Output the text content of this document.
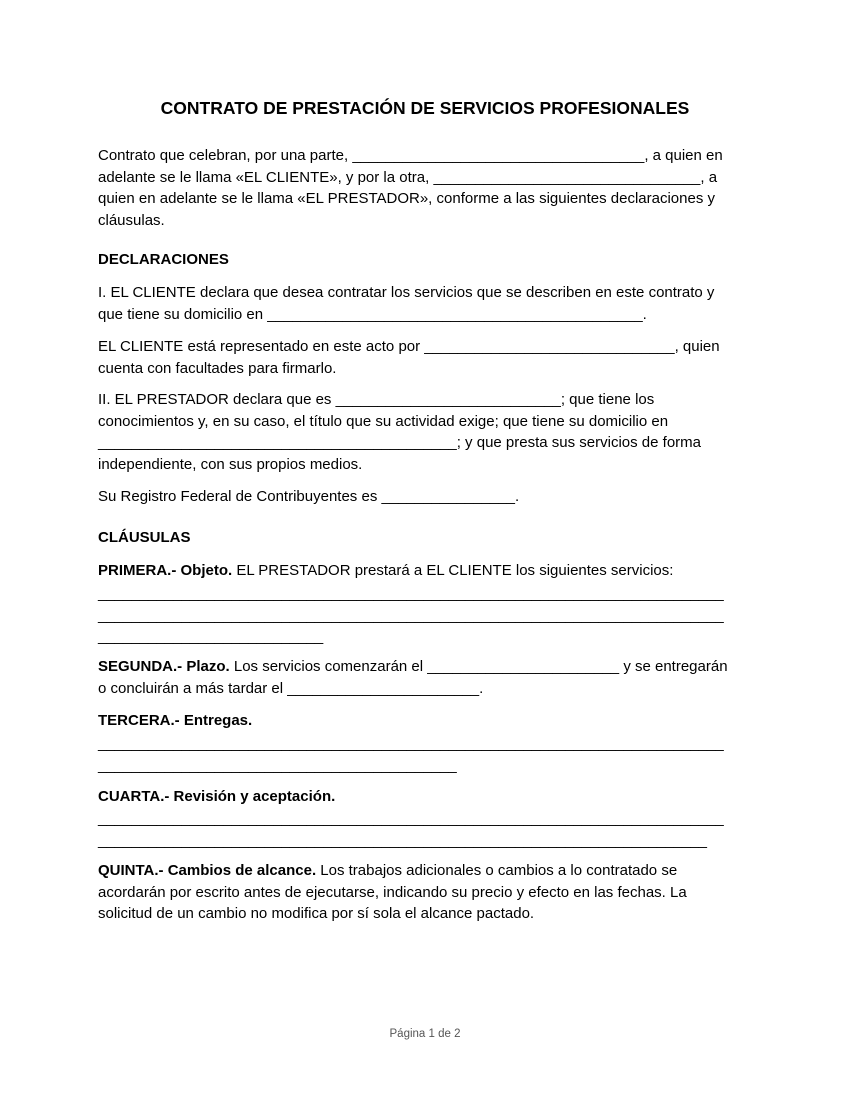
CONTRATO DE PRESTACIÓN DE SERVICIOS PROFESIONALES

Contrato que celebran, por una parte, ___________________________________, a quien en
adelante se le llama «EL CLIENTE», y por la otra, ________________________________, a
quien en adelante se le llama «EL PRESTADOR», conforme a las siguientes declaraciones y
cláusulas.

DECLARACIONES

I. EL CLIENTE declara que desea contratar los servicios que se describen en este contrato y
que tiene su domicilio en _____________________________________________.

EL CLIENTE está representado en este acto por ______________________________, quien
cuenta con facultades para firmarlo.

II. EL PRESTADOR declara que es ___________________________; que tiene los
conocimientos y, en su caso, el título que su actividad exige; que tiene su domicilio en
___________________________________________; y que presta sus servicios de forma
independiente, con sus propios medios.

Su Registro Federal de Contribuyentes es ________________.

CLÁUSULAS

PRIMERA.- Objeto. EL PRESTADOR prestará a EL CLIENTE los siguientes servicios:

___________________________________________________________________________
___________________________________________________________________________
___________________________

SEGUNDA.- Plazo. Los servicios comenzarán el _______________________ y se entregarán
o concluirán a más tardar el _______________________.

TERCERA.- Entregas.

___________________________________________________________________________
___________________________________________

CUARTA.- Revisión y aceptación.

___________________________________________________________________________
_________________________________________________________________________

QUINTA.- Cambios de alcance. Los trabajos adicionales o cambios a lo contratado se
acordarán por escrito antes de ejecutarse, indicando su precio y efecto en las fechas. La
solicitud de un cambio no modifica por sí sola el alcance pactado.

Página 1 de 2
